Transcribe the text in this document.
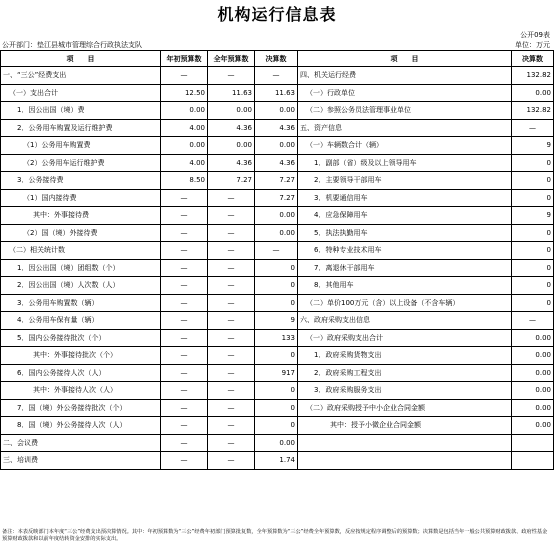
机构运行信息表
公开09表
公开部门：垫江县城市管理综合行政执法支队	单位：万元
项　　目	年初预算数	全年预算数	决算数	项　　目	决算数
一、“三公”经费支出	—	—	—	四、机关运行经费	132.82
（一）支出合计	12.50	11.63	11.63	（一）行政单位	0.00
1．因公出国（境）费	0.00	0.00	0.00	（二）参照公务员法管理事业单位	132.82
2．公务用车购置及运行维护费	4.00	4.36	4.36	五、资产信息	—
（1）公务用车购置费	0.00	0.00	0.00	（一）车辆数合计（辆）	9
（2）公务用车运行维护费	4.00	4.36	4.36	1．副部（省）级及以上领导用车	0
3．公务接待费	8.50	7.27	7.27	2．主要领导干部用车	0
（1）国内接待费	—	—	7.27	3．机要通信用车	0
其中：外事接待费	—	—	0.00	4．应急保障用车	9
（2）国（境）外接待费	—	—	0.00	5．执法执勤用车	0
（二）相关统计数	—	—	—	6．特种专业技术用车	0
1．因公出国（境）团组数（个）	—	—	0	7．离退休干部用车	0
2．因公出国（境）人次数（人）	—	—	0	8．其他用车	0
3．公务用车购置数（辆）	—	—	0	（二）单价100万元（含）以上设备（不含车辆）	0
4．公务用车保有量（辆）	—	—	9	六、政府采购支出信息	—
5．国内公务接待批次（个）	—	—	133	（一）政府采购支出合计	0.00
其中：外事接待批次（个）	—	—	0	1．政府采购货物支出	0.00
6．国内公务接待人次（人）	—	—	917	2．政府采购工程支出	0.00
其中：外事接待人次（人）	—	—	0	3．政府采购服务支出	0.00
7．国（境）外公务接待批次（个）	—	—	0	（二）政府采购授予中小企业合同金额	0.00
8．国（境）外公务接待人次（人）	—	—	0	其中：授予小微企业合同金额	0.00
二、会议费	—	—	0.00		
三、培训费	—	—	1.74		
备注：本表反映部门本年度“三公”经费支出预决算情况。其中：年初预算数为“三公”经费年初部门预算批复数，全年预算数为“三公”经费全年预算数，反应按规定程序调整后的预算数；决算数是包括当年一般公共预算财政拨款、政府性基金预算财政拨款和以前年度结转资金安排的实际支出。
